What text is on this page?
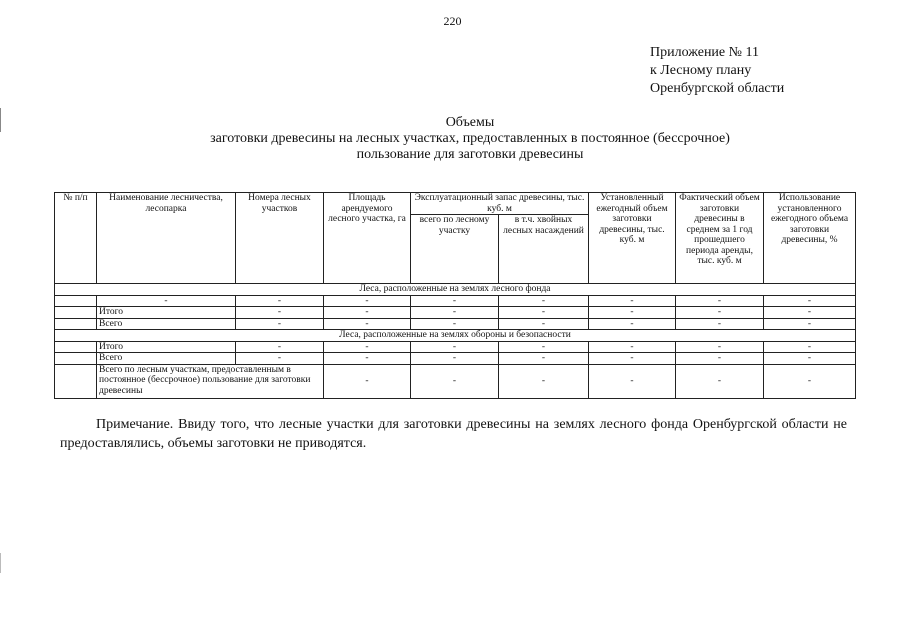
220
Приложение № 11
к Лесному плану
Оренбургской области
Объемы
заготовки древесины на лесных участках, предоставленных в постоянное (бессрочное)
пользование для заготовки древесины
№ п/п	Наименование лесничества, лесопарка	Номера лесных участков	Площадь арендуемого лесного участка, га	Эксплуатационный запас древесины, тыс. куб. м		Установленный ежегодный объем заготовки древесины, тыс. куб. м	Фактический объем заготовки древесины в среднем за 1 год прошедшего периода аренды, тыс. куб. м	Использование установленного ежегодного объема заготовки древесины, %
				всего по лесному участку	в т.ч. хвойных лесных насаждений			
Леса, расположенные на землях лесного фонда								
	-	-	-	-	-	-	-	-
	Итого	-	-	-	-	-	-	-
	Всего	-	-	-	-	-	-	-
Леса, расположенные на землях обороны и безопасности								
	Итого	-	-	-	-	-	-	-
	Всего	-	-	-	-	-	-	-
	Всего по лесным участкам, предоставленным в постоянное (бессрочное) пользование для заготовки древесины		-	-	-	-	-	-
Примечание. Ввиду того, что лесные участки для заготовки древесины на землях лесного фонда Оренбургской области не предоставлялись, объемы заготовки не приводятся.
